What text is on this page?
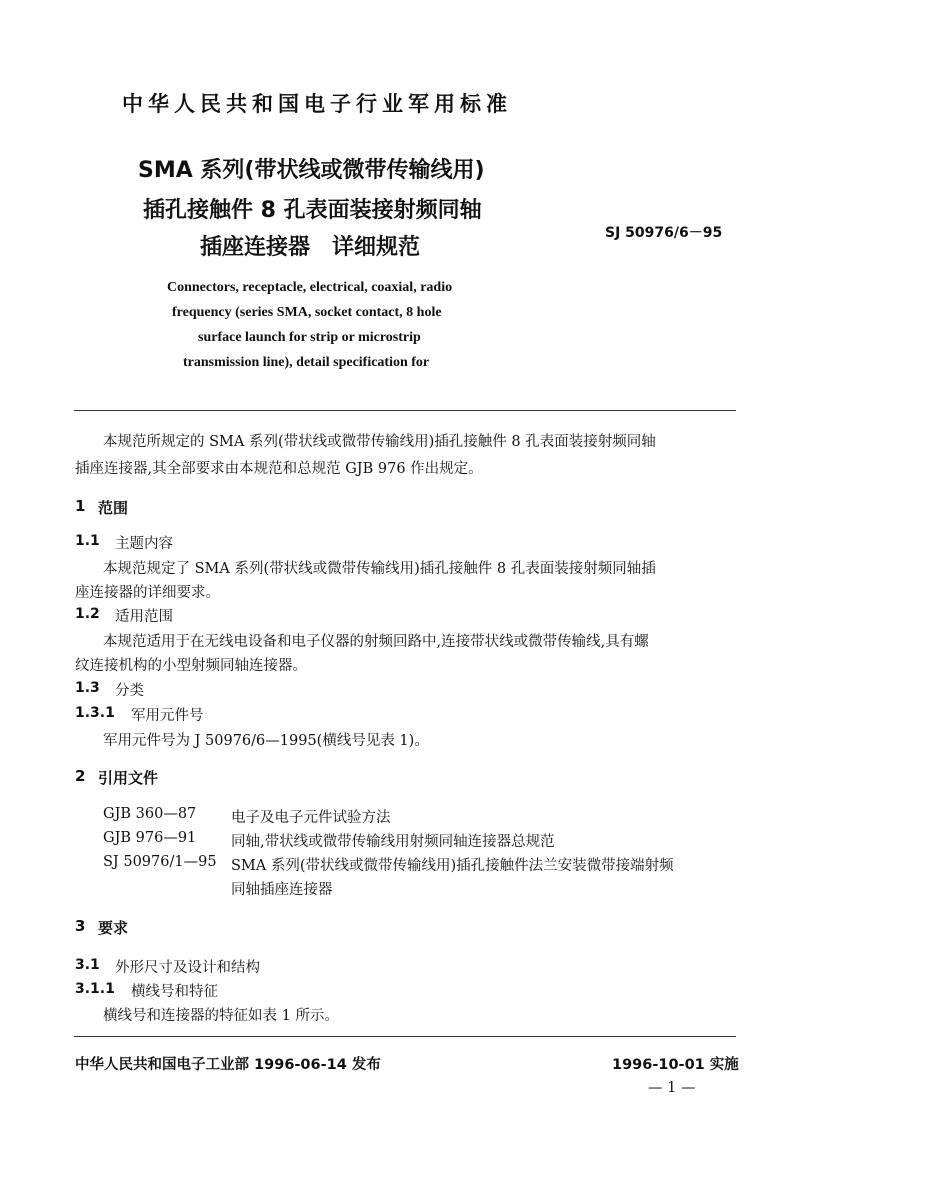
中华人民共和国电子行业军用标准
SMA 系列(带状线或微带传输线用)
插孔接触件 8 孔表面装接射频同轴
插座连接器　详细规范
SJ 50976/6－95
Connectors, receptacle, electrical, coaxial, radio
frequency (series SMA, socket contact, 8 hole
surface launch for strip or microstrip
transmission line), detail specification for
本规范所规定的 SMA 系列(带状线或微带传输线用)插孔接触件 8 孔表面装接射频同轴
插座连接器,其全部要求由本规范和总规范 GJB 976 作出规定。
1 范围
1.1 主题内容
本规范规定了 SMA 系列(带状线或微带传输线用)插孔接触件 8 孔表面装接射频同轴插
座连接器的详细要求。
1.2 适用范围
本规范适用于在无线电设备和电子仪器的射频回路中,连接带状线或微带传输线,具有螺
纹连接机构的小型射频同轴连接器。
1.3 分类
1.3.1 军用元件号
军用元件号为 J 50976/6—1995(横线号见表 1)。
2 引用文件
GJB 360—87 电子及电子元件试验方法
GJB 976—91 同轴,带状线或微带传输线用射频同轴连接器总规范
SJ 50976/1—95 SMA 系列(带状线或微带传输线用)插孔接触件法兰安装微带接端射频
同轴插座连接器
3 要求
3.1 外形尺寸及设计和结构
3.1.1 横线号和特征
横线号和连接器的特征如表 1 所示。
中华人民共和国电子工业部 1996-06-14 发布	1996-10-01 实施
— 1 —
